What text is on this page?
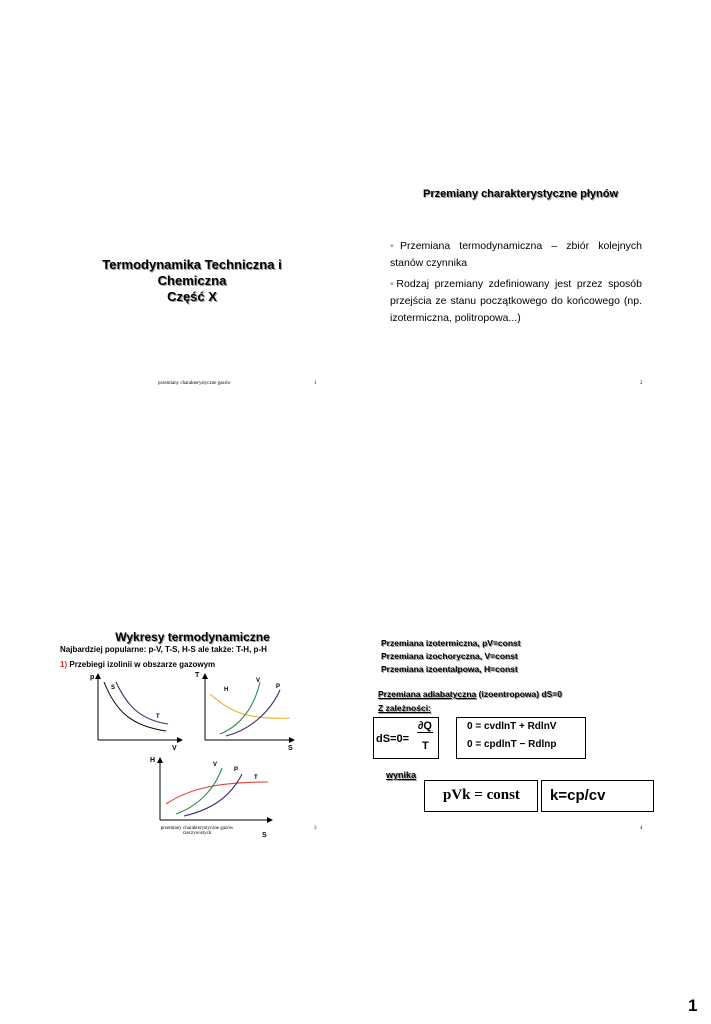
Termodynamika Techniczna i
Chemiczna
Część X
przemiany charakterystyczne gazów	1
Przemiany charakterystyczne płynów
▪Przemiana termodynamiczna – zbiór kolejnych stanów czynnika
▪Rodzaj przemiany zdefiniowany jest przez sposób przejścia ze stanu początkowego do końcowego (np. izotermiczna, politropowa...)
2
Wykresy termodynamiczne
Najbardziej popularne: p-V, T-S, H-S ale także: T-H, p-H
1) Przebiegi izolinii w obszarze gazowym
p
V
S
T
T
S
H
V
P
H
S
V
P
T
przemiany charakterystyczne gazów
rzeczywistych
3
Przemiana izotermiczna, pV=const
Przemiana izochoryczna, V=const
Przemiana izoentalpowa, H=const
Przemiana adiabatyczna (izoentropowa) dS=0
Z zależności:
dS=0=
∂Q
T
0 = cvdlnT + RdlnV
0 = cpdlnT − Rdlnp
wynika
pVk = const k=cp/cv
4
1
